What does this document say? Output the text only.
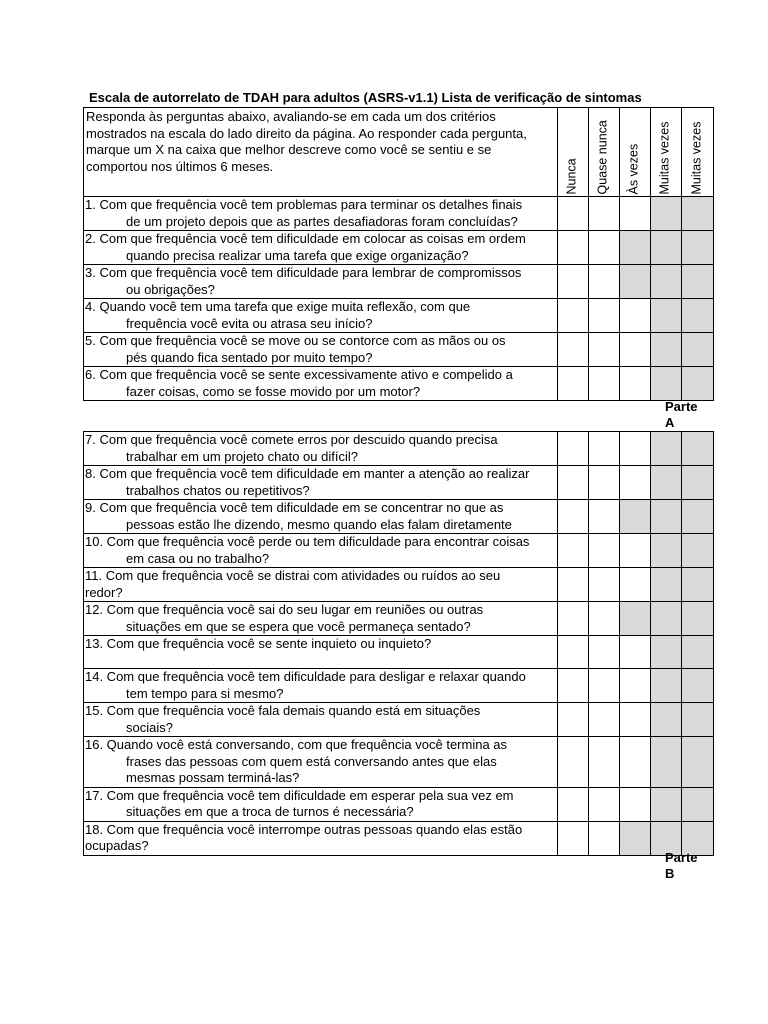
Escala de autorrelato de TDAH para adultos (ASRS-v1.1) Lista de verificação de sintomas
Responda às perguntas abaixo, avaliando-se em cada um dos critérios mostrados na escala do lado direito da página. Ao responder cada pergunta, marque um X na caixa que melhor descreve como você se sentiu e se comportou nos últimos 6 meses.	Nunca	Quase nunca	Às vezes	Muitas vezes	Muitas vezes

1. Com que frequência você tem problemas para terminar os detalhes finais
de um projeto depois que as partes desafiadoras foram concluídas?					

2. Com que frequência você tem dificuldade em colocar as coisas em ordem
quando precisa realizar uma tarefa que exige organização?					

3. Com que frequência você tem dificuldade para lembrar de compromissos
ou obrigações?					

4. Quando você tem uma tarefa que exige muita reflexão, com que
frequência você evita ou atrasa seu início?					

5. Com que frequência você se move ou se contorce com as mãos ou os
pés quando fica sentado por muito tempo?					

6. Com que frequência você se sente excessivamente ativo e compelido a
fazer coisas, como se fosse movido por um motor?					

Parte
A
7. Com que frequência você comete erros por descuido quando precisa
trabalhar em um projeto chato ou difícil?					

8. Com que frequência você tem dificuldade em manter a atenção ao realizar
trabalhos chatos ou repetitivos?					

9. Com que frequência você tem dificuldade em se concentrar no que as
pessoas estão lhe dizendo, mesmo quando elas falam diretamente					

10. Com que frequência você perde ou tem dificuldade para encontrar coisas
em casa ou no trabalho?					

11. Com que frequência você se distrai com atividades ou ruídos ao seu
redor?					
12. Com que frequência você sai do seu lugar em reuniões ou outras
situações em que se espera que você permaneça sentado?					

13. Com que frequência você se sente inquieto ou inquieto?					
14. Com que frequência você tem dificuldade para desligar e relaxar quando
tem tempo para si mesmo?					

15. Com que frequência você fala demais quando está em situações
sociais?					

16. Quando você está conversando, com que frequência você termina as
frases das pessoas com quem está conversando antes que elas
mesmas possam terminá-las?					

17. Com que frequência você tem dificuldade em esperar pela sua vez em
situações em que a troca de turnos é necessária?					

18. Com que frequência você interrompe outras pessoas quando elas estão
ocupadas?					
Parte
B
